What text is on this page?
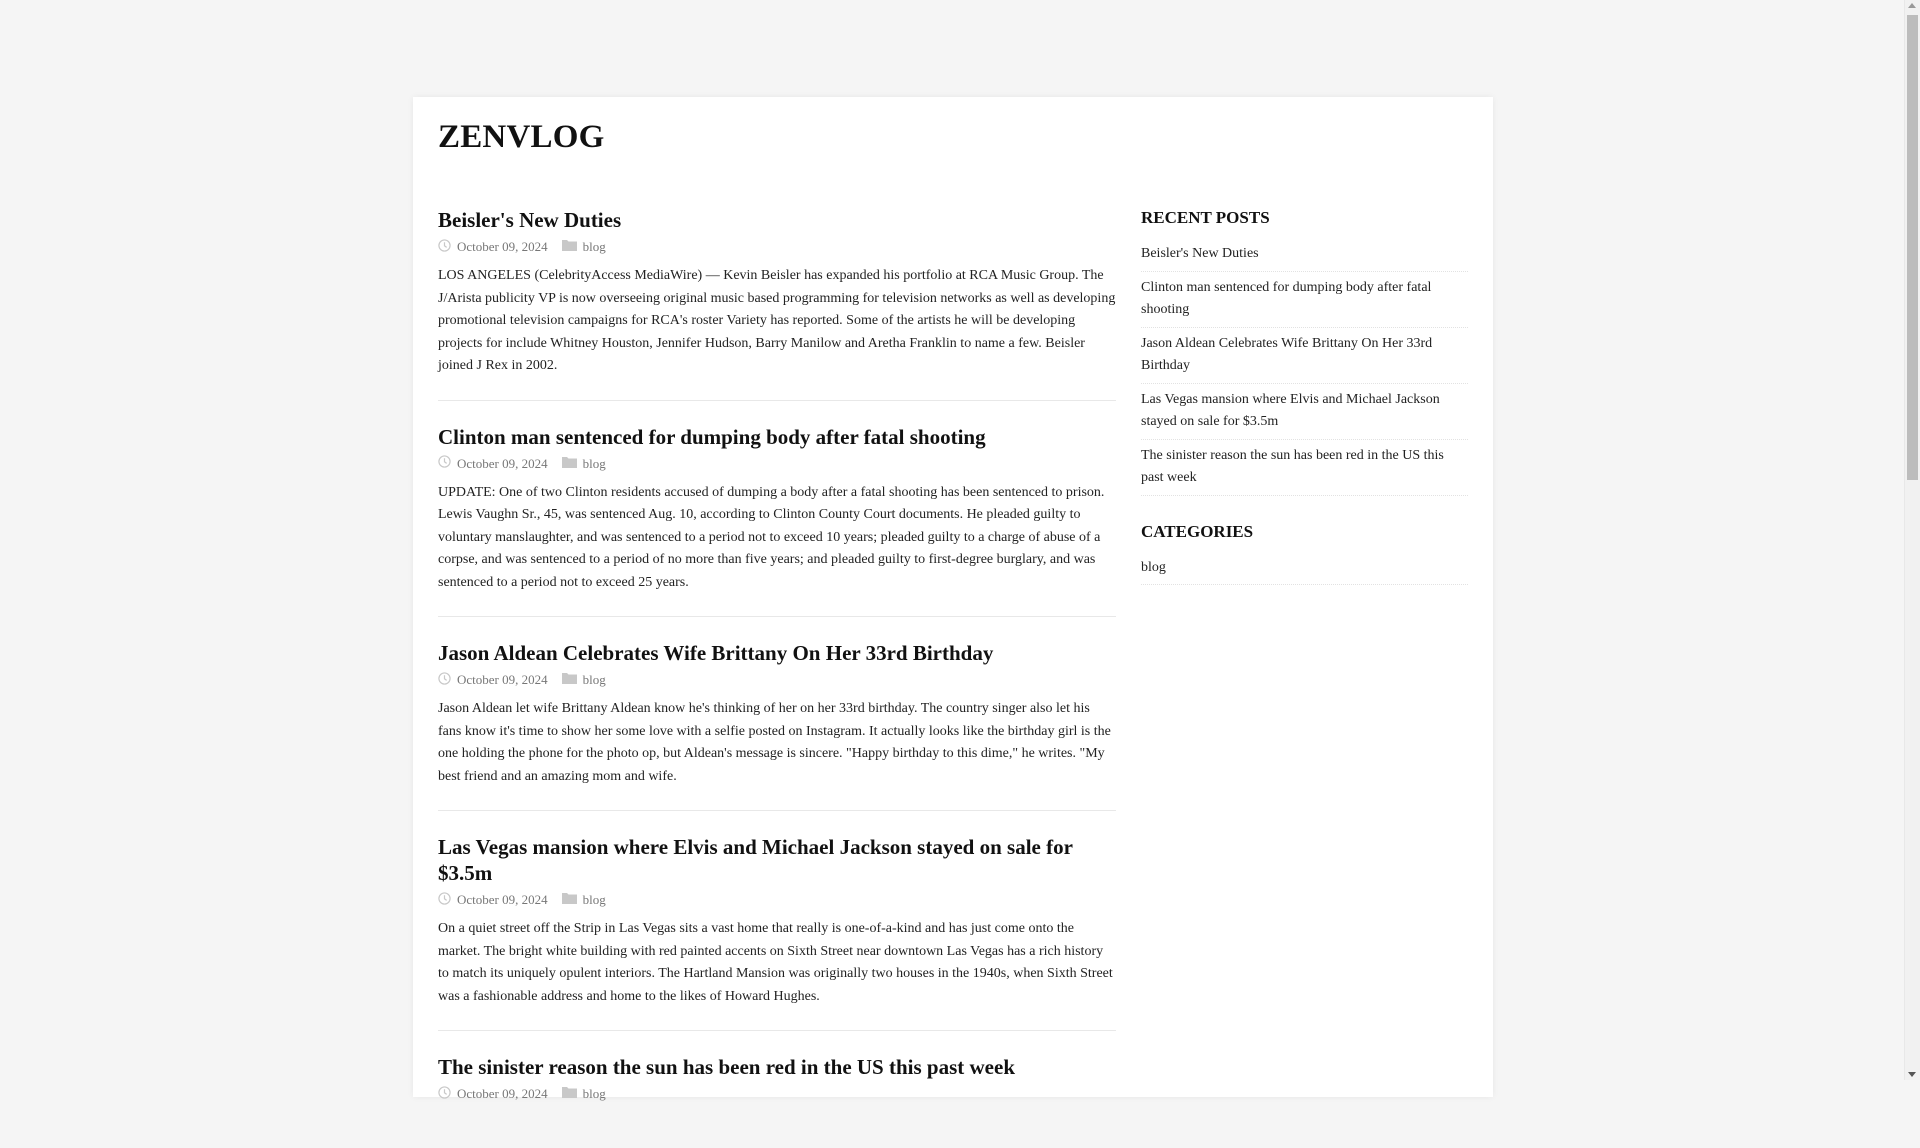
ZENVLOG
Beisler's New Duties
October 09, 2024	blog

LOS ANGELES (CelebrityAccess MediaWire) — Kevin Beisler has expanded his portfolio at RCA Music Group. The J/Arista publicity VP is now overseeing original music based programming for television networks as well as developing promotional television campaigns for RCA's roster Variety has reported. Some of the artists he will be developing projects for include Whitney Houston, Jennifer Hudson, Barry Manilow and Aretha Franklin to name a few. Beisler joined J Rex in 2002.

Clinton man sentenced for dumping body after fatal shooting
October 09, 2024	blog

UPDATE: One of two Clinton residents accused of dumping a body after a fatal shooting has been sentenced to prison. Lewis Vaughn Sr., 45, was sentenced Aug. 10, according to Clinton County Court documents. He pleaded guilty to voluntary manslaughter, and was sentenced to a period not to exceed 10 years; pleaded guilty to a charge of abuse of a corpse, and was sentenced to a period of no more than five years; and pleaded guilty to first-degree burglary, and was sentenced to a period not to exceed 25 years.

Jason Aldean Celebrates Wife Brittany On Her 33rd Birthday
October 09, 2024	blog

Jason Aldean let wife Brittany Aldean know he's thinking of her on her 33rd birthday. The country singer also let his fans know it's time to show her some love with a selfie posted on Instagram. It actually looks like the birthday girl is the one holding the phone for the photo op, but Aldean's message is sincere. "Happy birthday to this dime," he writes. "My best friend and an amazing mom and wife.

Las Vegas mansion where Elvis and Michael Jackson stayed on sale for $3.5m
October 09, 2024	blog

On a quiet street off the Strip in Las Vegas sits a vast home that really is one-of-a-kind and has just come onto the market. The bright white building with red painted accents on Sixth Street near downtown Las Vegas has a rich history to match its uniquely opulent interiors. The Hartland Mansion was originally two houses in the 1940s, when Sixth Street was a fashionable address and home to the likes of Howard Hughes.

The sinister reason the sun has been red in the US this past week
October 09, 2024	blog
RECENT POSTS
Beisler's New Duties
Clinton man sentenced for dumping body after fatal shooting
Jason Aldean Celebrates Wife Brittany On Her 33rd Birthday
Las Vegas mansion where Elvis and Michael Jackson stayed on sale for $3.5m
The sinister reason the sun has been red in the US this past week
CATEGORIES
blog
